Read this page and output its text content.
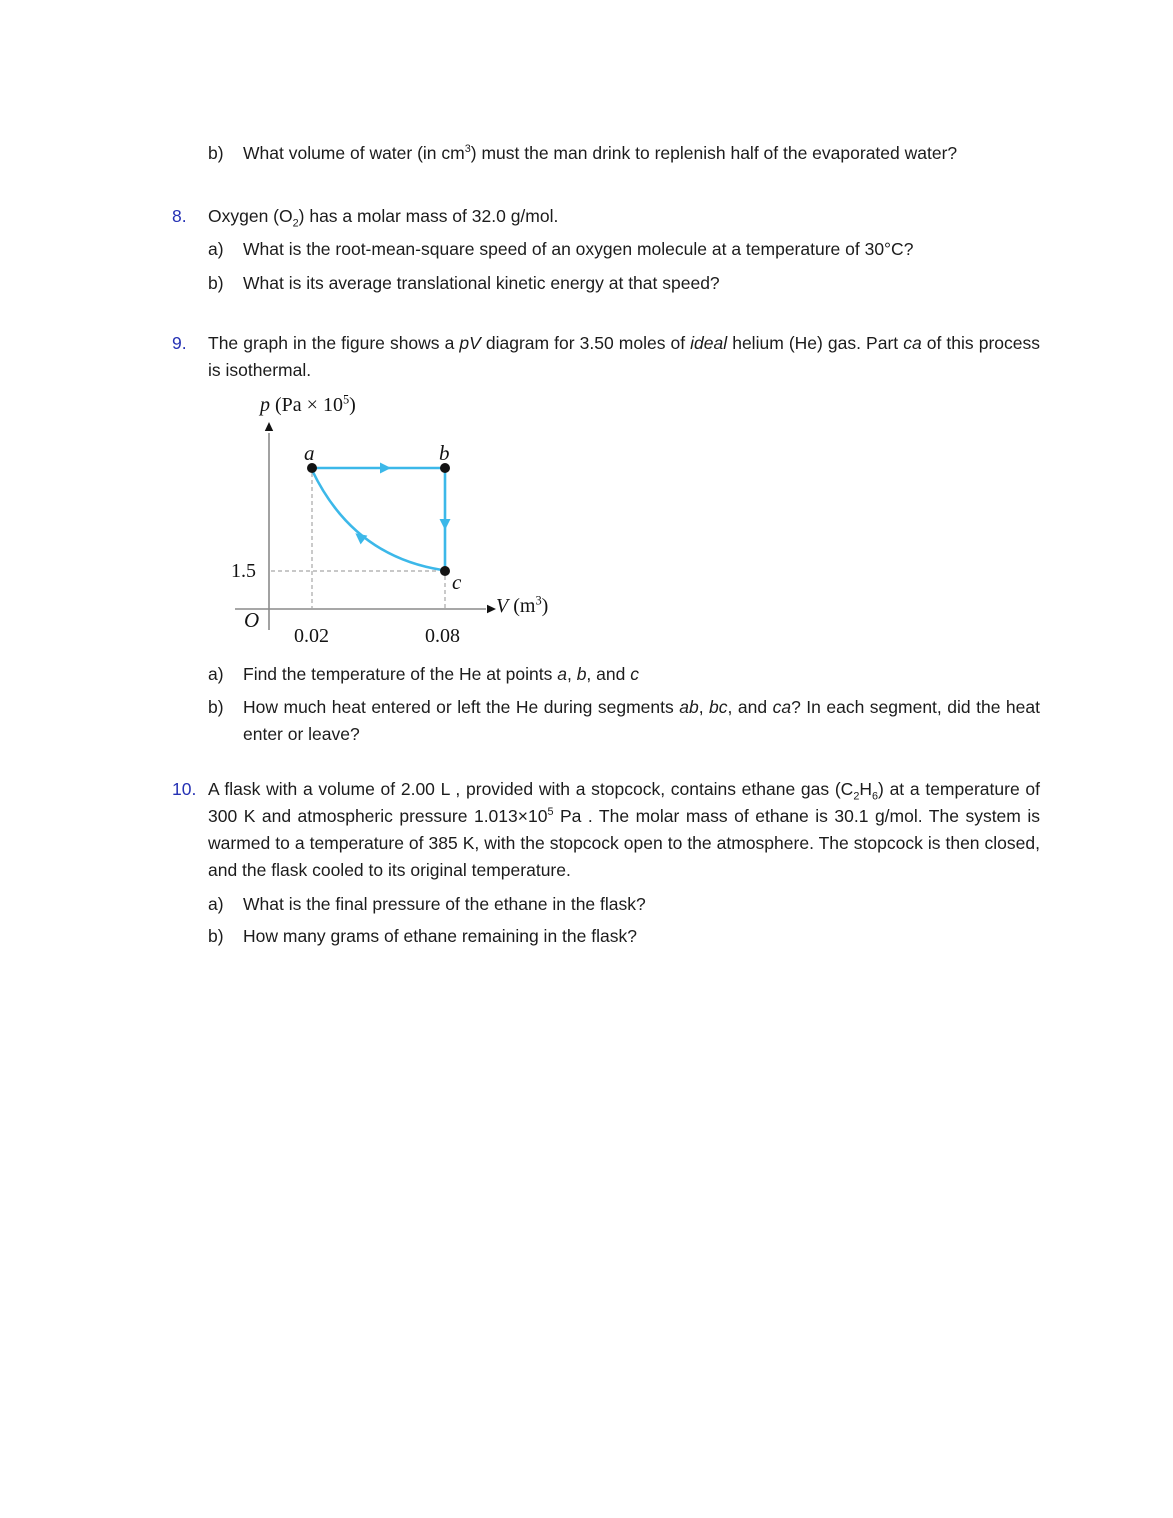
b)	What volume of water (in $cm^3$) must the man drink to replenish half of the evaporated water?
8.	Oxygen $(O_2)$ has a molar mass of 32.0 g/mol.
a)	What is the root-mean-square speed of an oxygen molecule at a temperature of 30°C?
b)	What is its average translational kinetic energy at that speed?
9.	The graph in the figure shows a pV diagram for 3.50 moles of ideal helium (He) gas. Part ca of this process is isothermal.
p $(Pa \times 10^5)$
V $(m^3)$
a	b
c
O
0.02	0.08
1.5
a)	Find the temperature of the He at points a, b, and c
b)	How much heat entered or left the He during segments ab, bc, and ca? In each segment, did the heat enter or leave?
10. A flask with a volume of 2.00 L , provided with a stopcock, contains ethane gas $(C_2H_6)$ at a temperature of 300 K and atmospheric pressure $1.013\times 10^5$ Pa . The molar mass of ethane is 30.1 g/mol. The system is warmed to a temperature of 385 K, with the stopcock open to the atmosphere. The stopcock is then closed, and the flask cooled to its original temperature.
a)	What is the final pressure of the ethane in the flask?
b)	How many grams of ethane remaining in the flask?
